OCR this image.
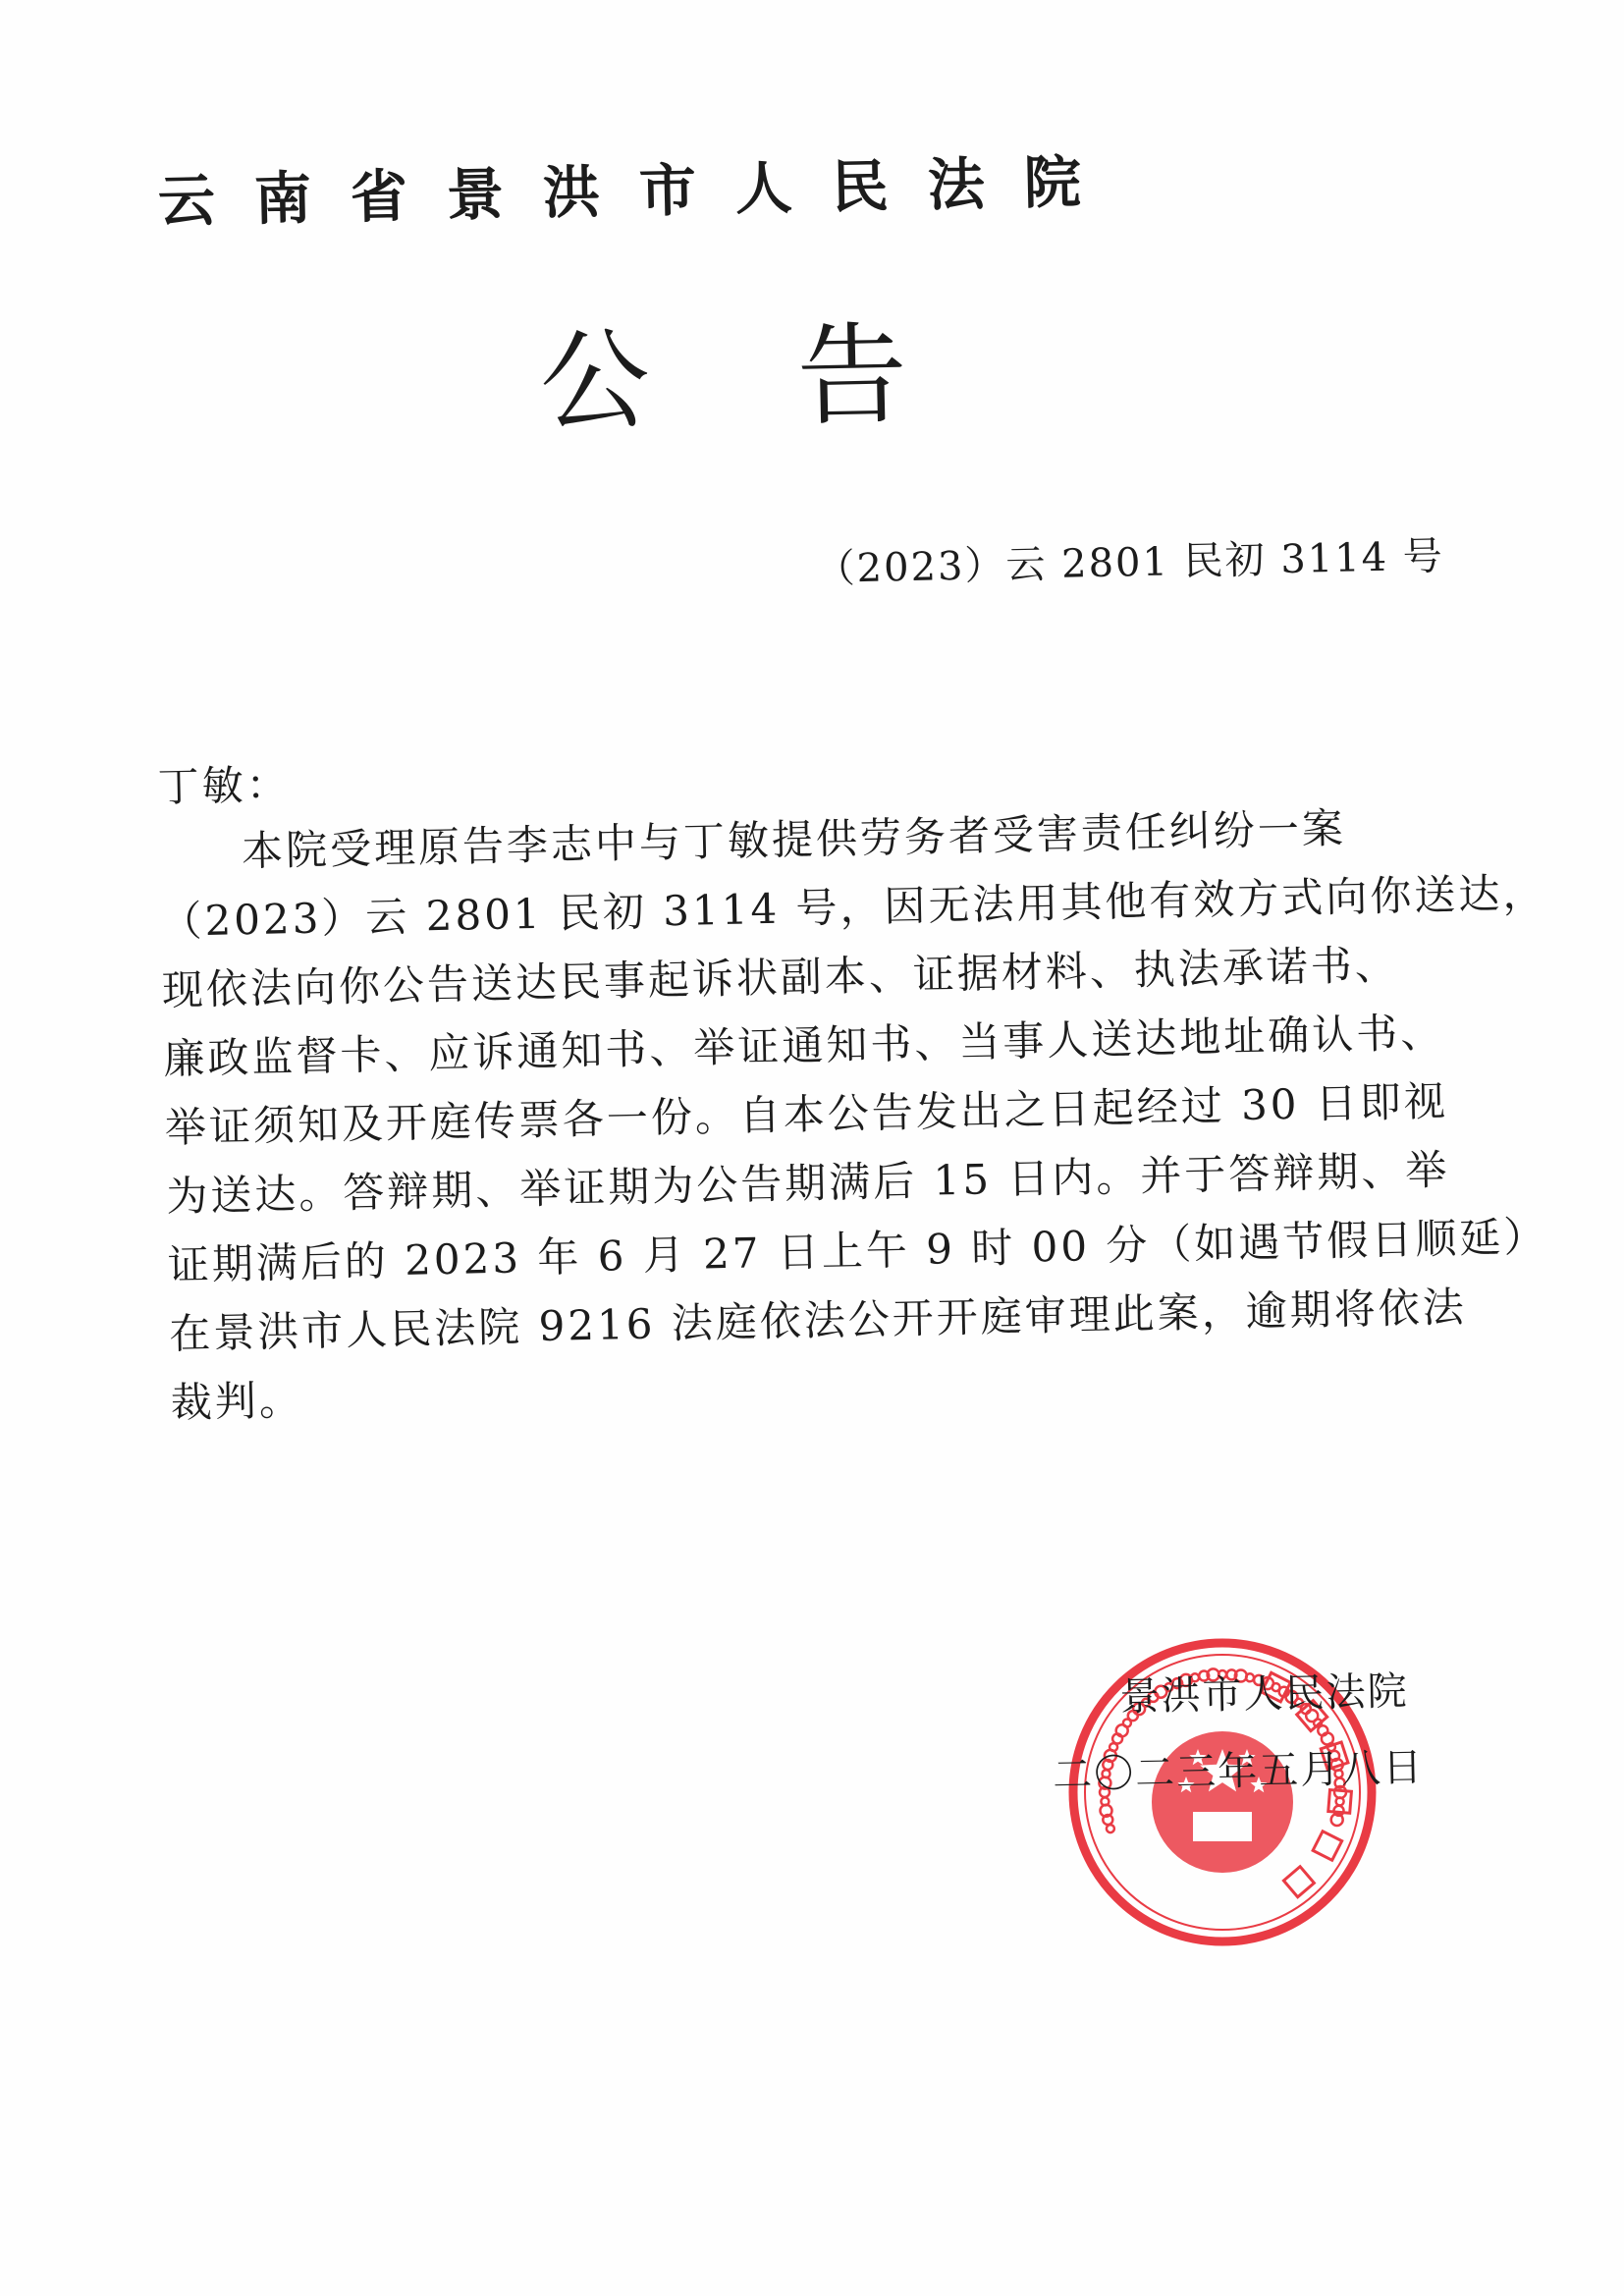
云南省景洪市人民法院
公告
（2023）云 2801 民初 3114 号

丁敏：

本院受理原告李志中与丁敏提供劳务者受害责任纠纷一案
（2023）云 2801 民初 3114 号，因无法用其他有效方式向你送达，
现依法向你公告送达民事起诉状副本、证据材料、执法承诺书、
廉政监督卡、应诉通知书、举证通知书、当事人送达地址确认书、
举证须知及开庭传票各一份。自本公告发出之日起经过 30 日即视
为送达。答辩期、举证期为公告期满后 15 日内。并于答辩期、举
证期满后的 2023 年 6 月 27 日上午 9 时 00 分（如遇节假日顺延）
在景洪市人民法院 9216 法庭依法公开开庭审理此案，逾期将依法
裁判。
景洪市人民法院
二〇二三年五月八日
